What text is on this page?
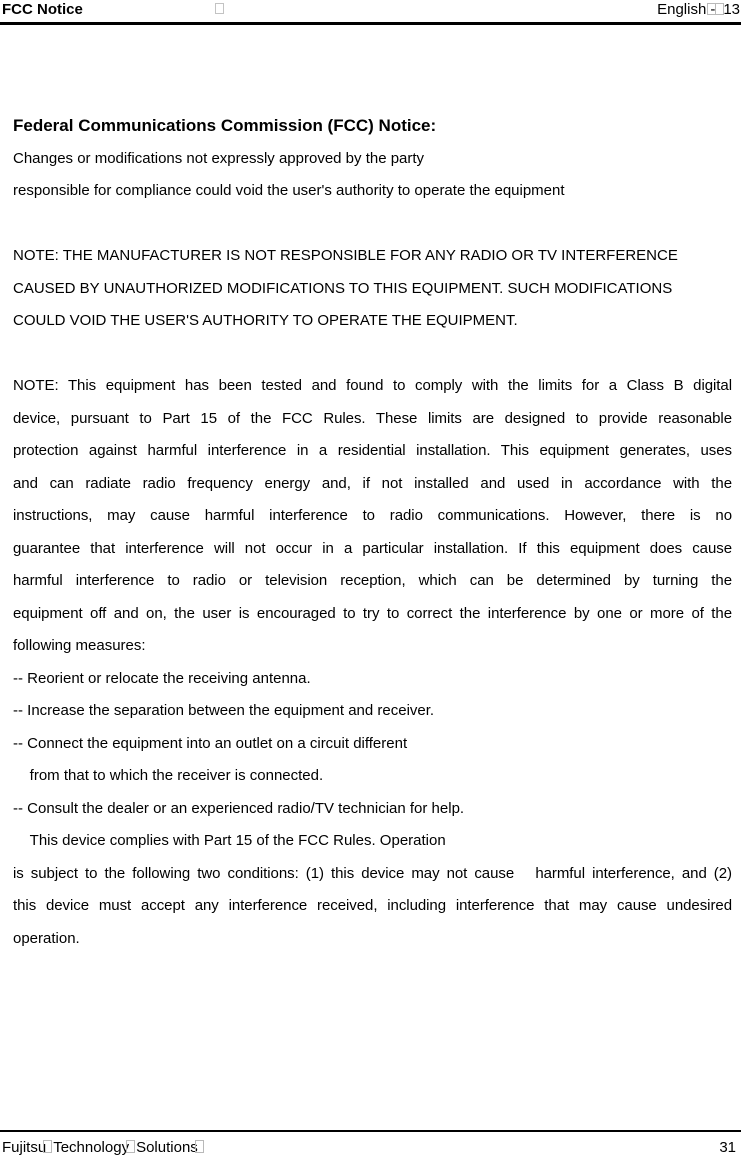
FCC Notice	English - 13
Federal Communications Commission (FCC) Notice:
Changes or modifications not expressly approved by the party
responsible for compliance could void the user's authority to operate the equipment
NOTE: THE MANUFACTURER IS NOT RESPONSIBLE FOR ANY RADIO OR TV INTERFERENCE
CAUSED BY UNAUTHORIZED MODIFICATIONS TO THIS EQUIPMENT. SUCH MODIFICATIONS
COULD VOID THE USER'S AUTHORITY TO OPERATE THE EQUIPMENT.
NOTE: This equipment has been tested and found to comply with the limits for a Class B digital
device, pursuant to Part 15 of the FCC Rules. These limits are designed to provide reasonable
protection against harmful interference in a residential installation. This equipment generates, uses
and can radiate radio frequency energy and, if not installed and used in accordance with the
instructions, may cause harmful interference to radio communications. However, there is no
guarantee that interference will not occur in a particular installation. If this equipment does cause
harmful interference to radio or television reception, which can be determined by turning the
equipment off and on, the user is encouraged to try to correct the interference by one or more of the
following measures:
-- Reorient or relocate the receiving antenna.
-- Increase the separation between the equipment and receiver.
-- Connect the equipment into an outlet on a circuit different
from that to which the receiver is connected.
-- Consult the dealer or an experienced radio/TV technician for help.
This device complies with Part 15 of the FCC Rules. Operation
is subject to the following two conditions: (1) this device may not cause   harmful interference, and (2)
this device must accept any interference received, including interference that may cause undesired
operation.
Fujitsu Technology Solutions	31
